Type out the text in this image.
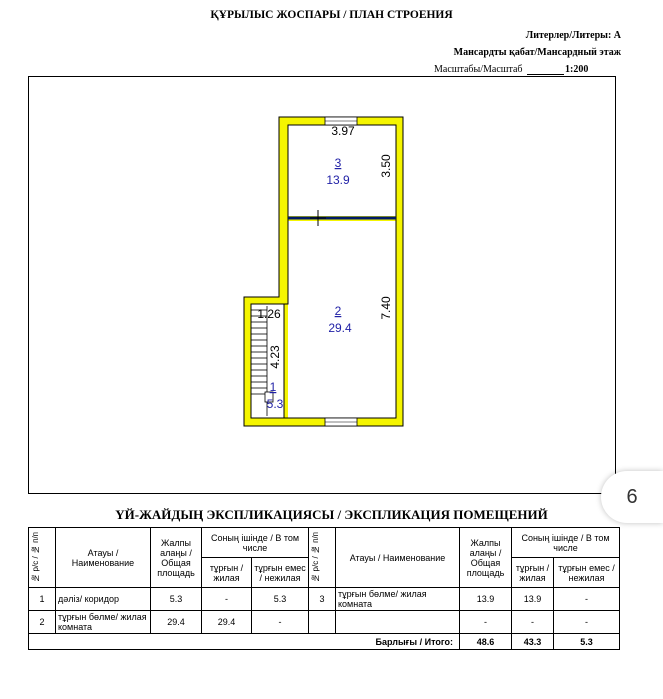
ҚҰРЫЛЫС ЖОСПАРЫ / ПЛАН СТРОЕНИЯ
Литерлер/Литеры: А
Мансардты қабат/Мансардный этаж
Масштабы/Масштаб	1:200
3.97
3
13.9
3.50
2
29.4
7.40
1.26
4.23
1
5.3
6
ҮЙ-ЖАЙДЫҢ ЭКСПЛИКАЦИЯСЫ / ЭКСПЛИКАЦИЯ ПОМЕЩЕНИЙ
№ р/с / № п/п	Атауы / Наименование	Жалпы алаңы / Общая площадь	Соның ішінде / В том числе		№ р/с / № п/п	Атауы / Наименование	Жалпы алаңы / Общая площадь	Соның ішінде / В том числе	
			тұрғын / жилая	тұрғын емес / нежилая				тұрғын / жилая	тұрғын емес / нежилая
1	дәліз/ коридор	5.3	-	5.3	3	тұрғын бөлме/ жилая комната	13.9	13.9	-
2	тұрғын бөлме/ жилая комната	29.4	29.4	-			-	-	-
Барлығы / Итого:							48.6	43.3	5.3
